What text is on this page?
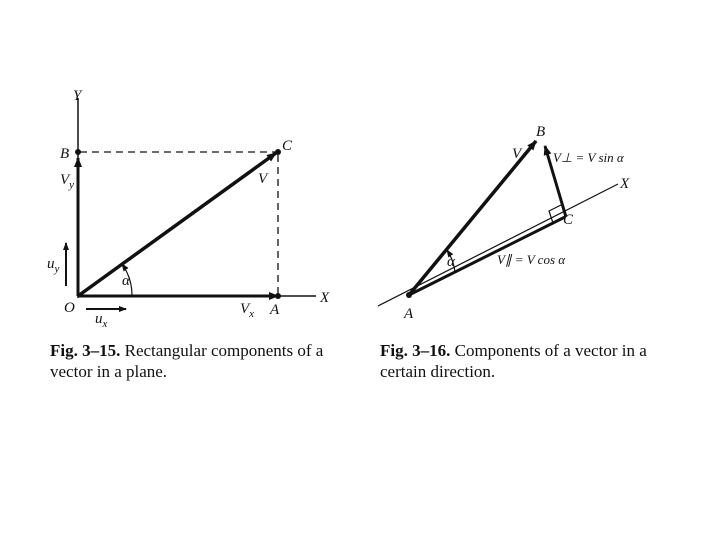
Y
X
O
B	C
A
$V_y$
$V_x$
V
$u_y$
$u_x$
α
A
B
C
X
V
α
V⊥ = V sin α
V∥ = V cos α
Fig. 3–15. Rectangular components of a vector in a plane.
Fig. 3–16. Components of a vector in a certain direction.
